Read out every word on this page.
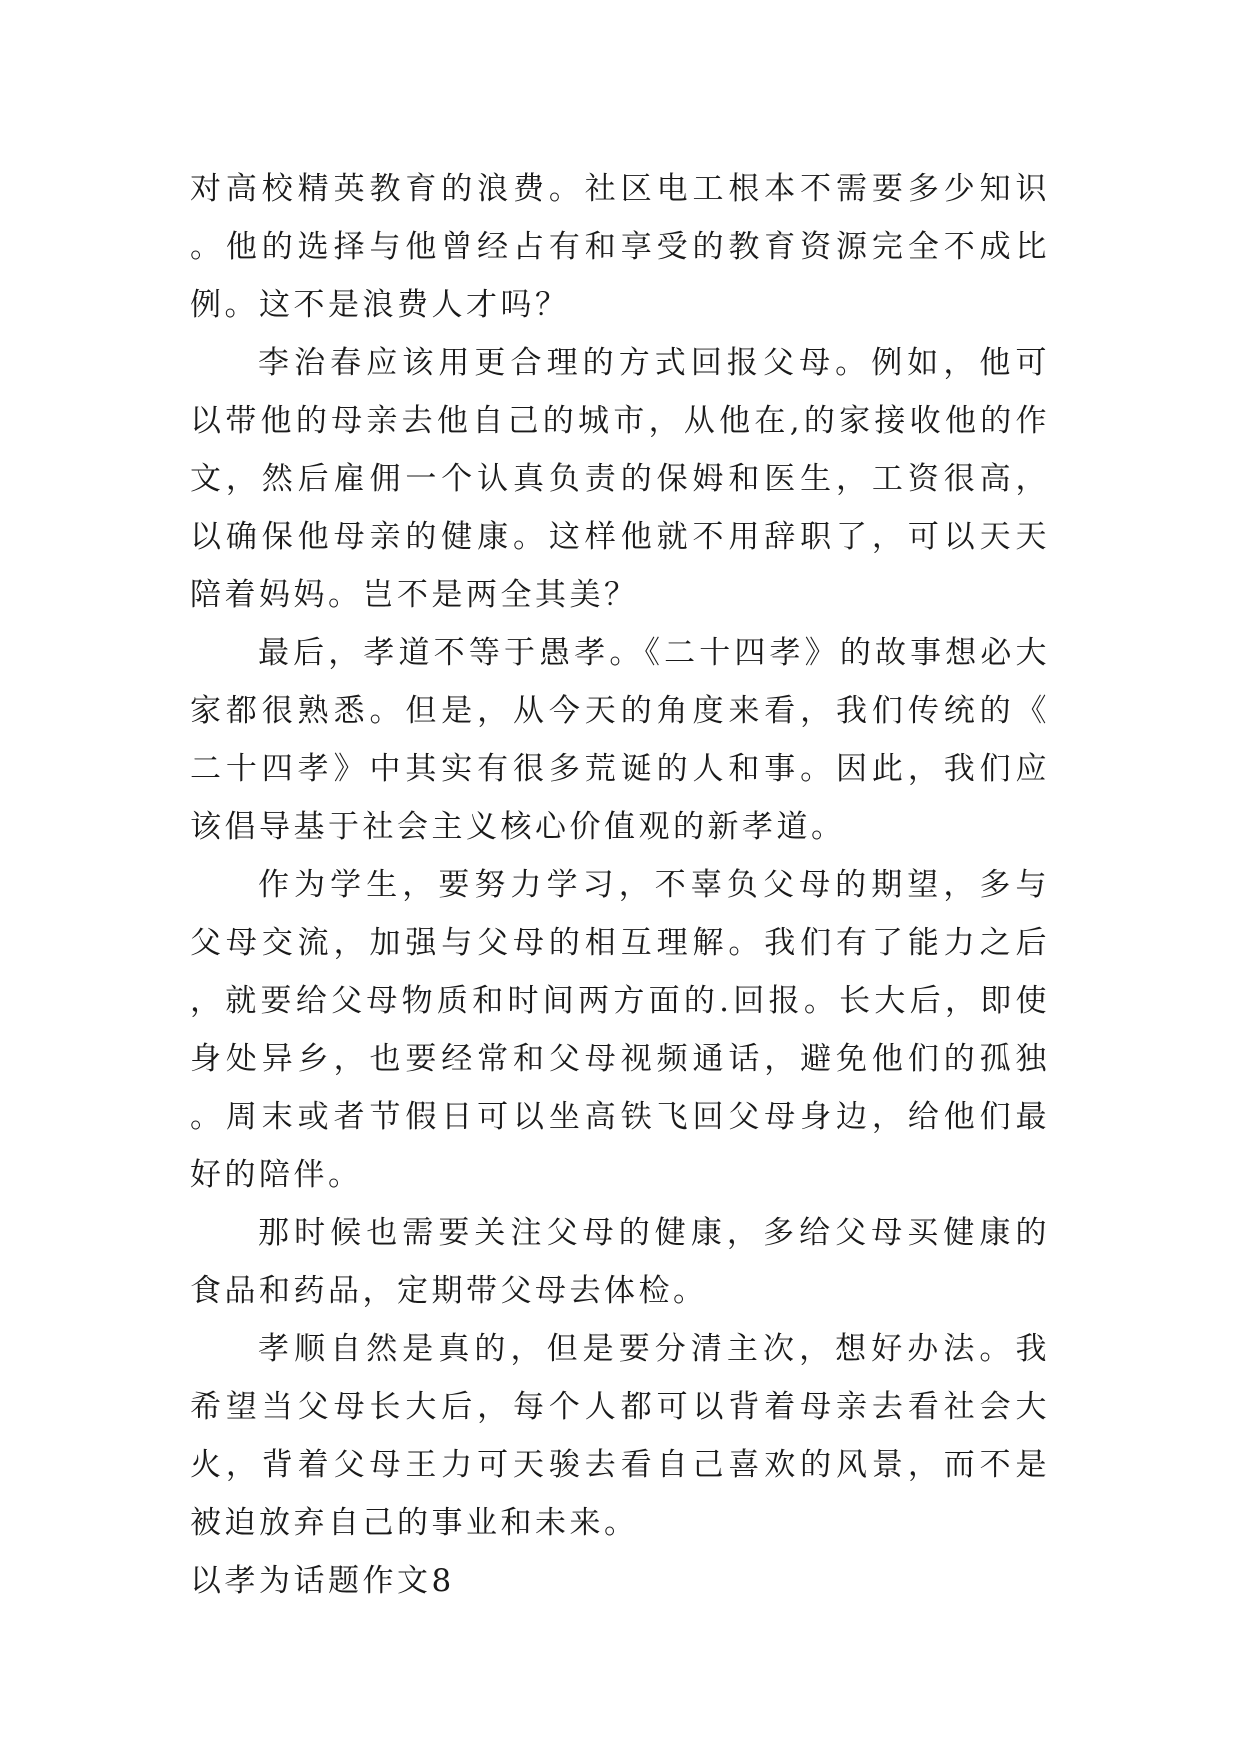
对高校精英教育的浪费。社区电工根本不需要多少知识。他的选择与他曾经占有和享受的教育资源完全不成比例。这不是浪费人才吗？

李治春应该用更合理的方式回报父母。例如，他可以带他的母亲去他自己的城市，从他在,的家接收他的作文，然后雇佣一个认真负责的保姆和医生，工资很高，以确保他母亲的健康。这样他就不用辞职了，可以天天陪着妈妈。岂不是两全其美？

最后，孝道不等于愚孝。《二十四孝》的故事想必大家都很熟悉。但是，从今天的角度来看，我们传统的《二十四孝》中其实有很多荒诞的人和事。因此，我们应该倡导基于社会主义核心价值观的新孝道。

作为学生，要努力学习，不辜负父母的期望，多与父母交流，加强与父母的相互理解。我们有了能力之后，就要给父母物质和时间两方面的.回报。长大后，即使身处异乡，也要经常和父母视频通话，避免他们的孤独。周末或者节假日可以坐高铁飞回父母身边，给他们最好的陪伴。

那时候也需要关注父母的健康，多给父母买健康的食品和药品，定期带父母去体检。

孝顺自然是真的，但是要分清主次，想好办法。我希望当父母长大后，每个人都可以背着母亲去看社会大火，背着父母王力可天骏去看自己喜欢的风景，而不是被迫放弃自己的事业和未来。

以孝为话题作文8
